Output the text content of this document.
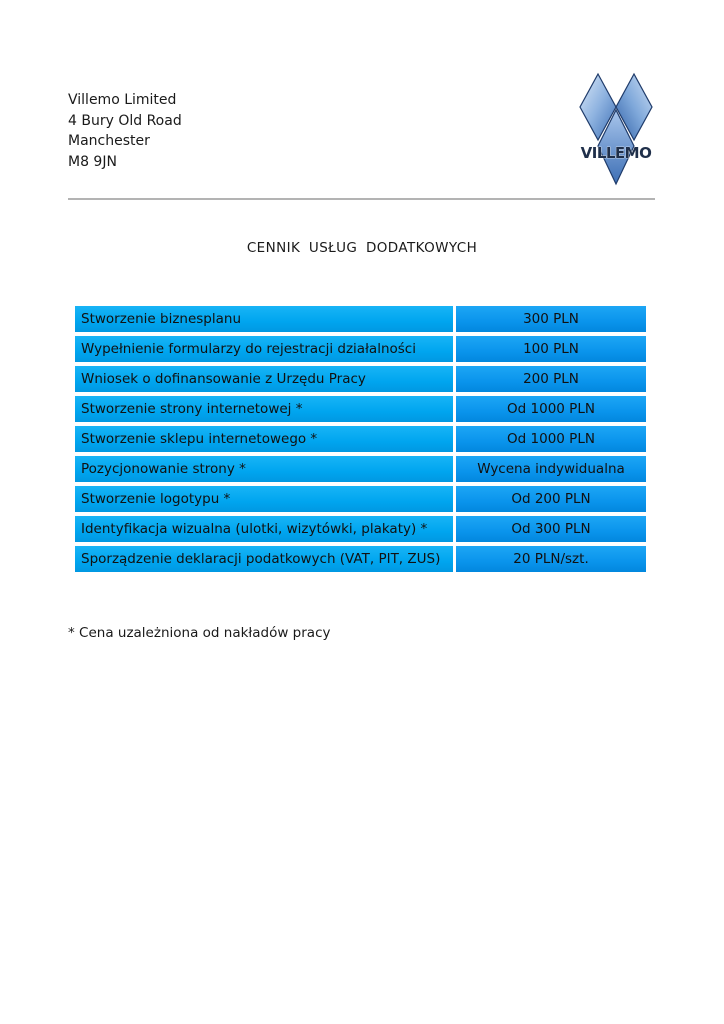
Villemo Limited
4 Bury Old Road
Manchester
M8 9JN	VILLEMO
CENNIK USŁUG DODATKOWYCH
Stworzenie biznesplanu	300 PLN
Wypełnienie formularzy do rejestracji działalności	100 PLN
Wniosek o dofinansowanie z Urzędu Pracy	200 PLN
Stworzenie strony internetowej *	Od 1000 PLN
Stworzenie sklepu internetowego *	Od 1000 PLN
Pozycjonowanie strony *	Wycena indywidualna
Stworzenie logotypu *	Od 200 PLN
Identyfikacja wizualna (ulotki, wizytówki, plakaty) *	Od 300 PLN
Sporządzenie deklaracji podatkowych (VAT, PIT, ZUS)	20 PLN/szt.
* Cena uzależniona od nakładów pracy
